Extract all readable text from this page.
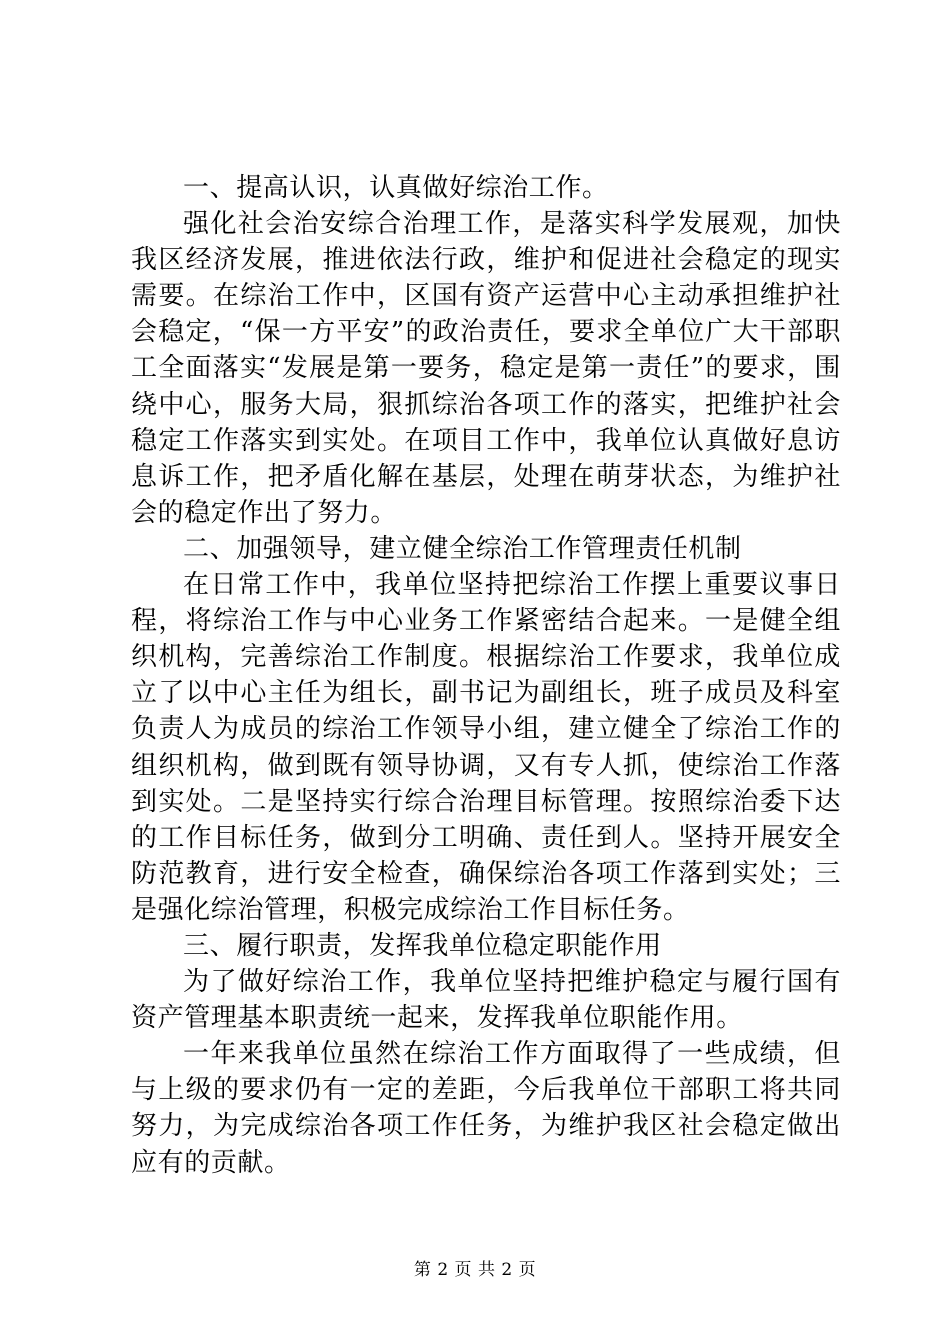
一、提高认识，认真做好综治工作。

强化社会治安综合治理工作，是落实科学发展观，加快我区经济发展，推进依法行政，维护和促进社会稳定的现实需要。在综治工作中，区国有资产运营中心主动承担维护社会稳定，“保一方平安”的政治责任，要求全单位广大干部职工全面落实“发展是第一要务，稳定是第一责任”的要求，围绕中心，服务大局，狠抓综治各项工作的落实，把维护社会稳定工作落实到实处。在项目工作中，我单位认真做好息访息诉工作，把矛盾化解在基层，处理在萌芽状态，为维护社会的稳定作出了努力。

二、加强领导，建立健全综治工作管理责任机制

在日常工作中，我单位坚持把综治工作摆上重要议事日程，将综治工作与中心业务工作紧密结合起来。一是健全组织机构，完善综治工作制度。根据综治工作要求，我单位成立了以中心主任为组长，副书记为副组长，班子成员及科室负责人为成员的综治工作领导小组，建立健全了综治工作的组织机构，做到既有领导协调，又有专人抓，使综治工作落到实处。二是坚持实行综合治理目标管理。按照综治委下达的工作目标任务，做到分工明确、责任到人。坚持开展安全防范教育，进行安全检查，确保综治各项工作落到实处；三是强化综治管理，积极完成综治工作目标任务。

三、履行职责，发挥我单位稳定职能作用

为了做好综治工作，我单位坚持把维护稳定与履行国有资产管理基本职责统一起来，发挥我单位职能作用。

一年来我单位虽然在综治工作方面取得了一些成绩，但与上级的要求仍有一定的差距，今后我单位干部职工将共同努力，为完成综治各项工作任务，为维护我区社会稳定做出应有的贡献。

第 2 页 共 2 页
